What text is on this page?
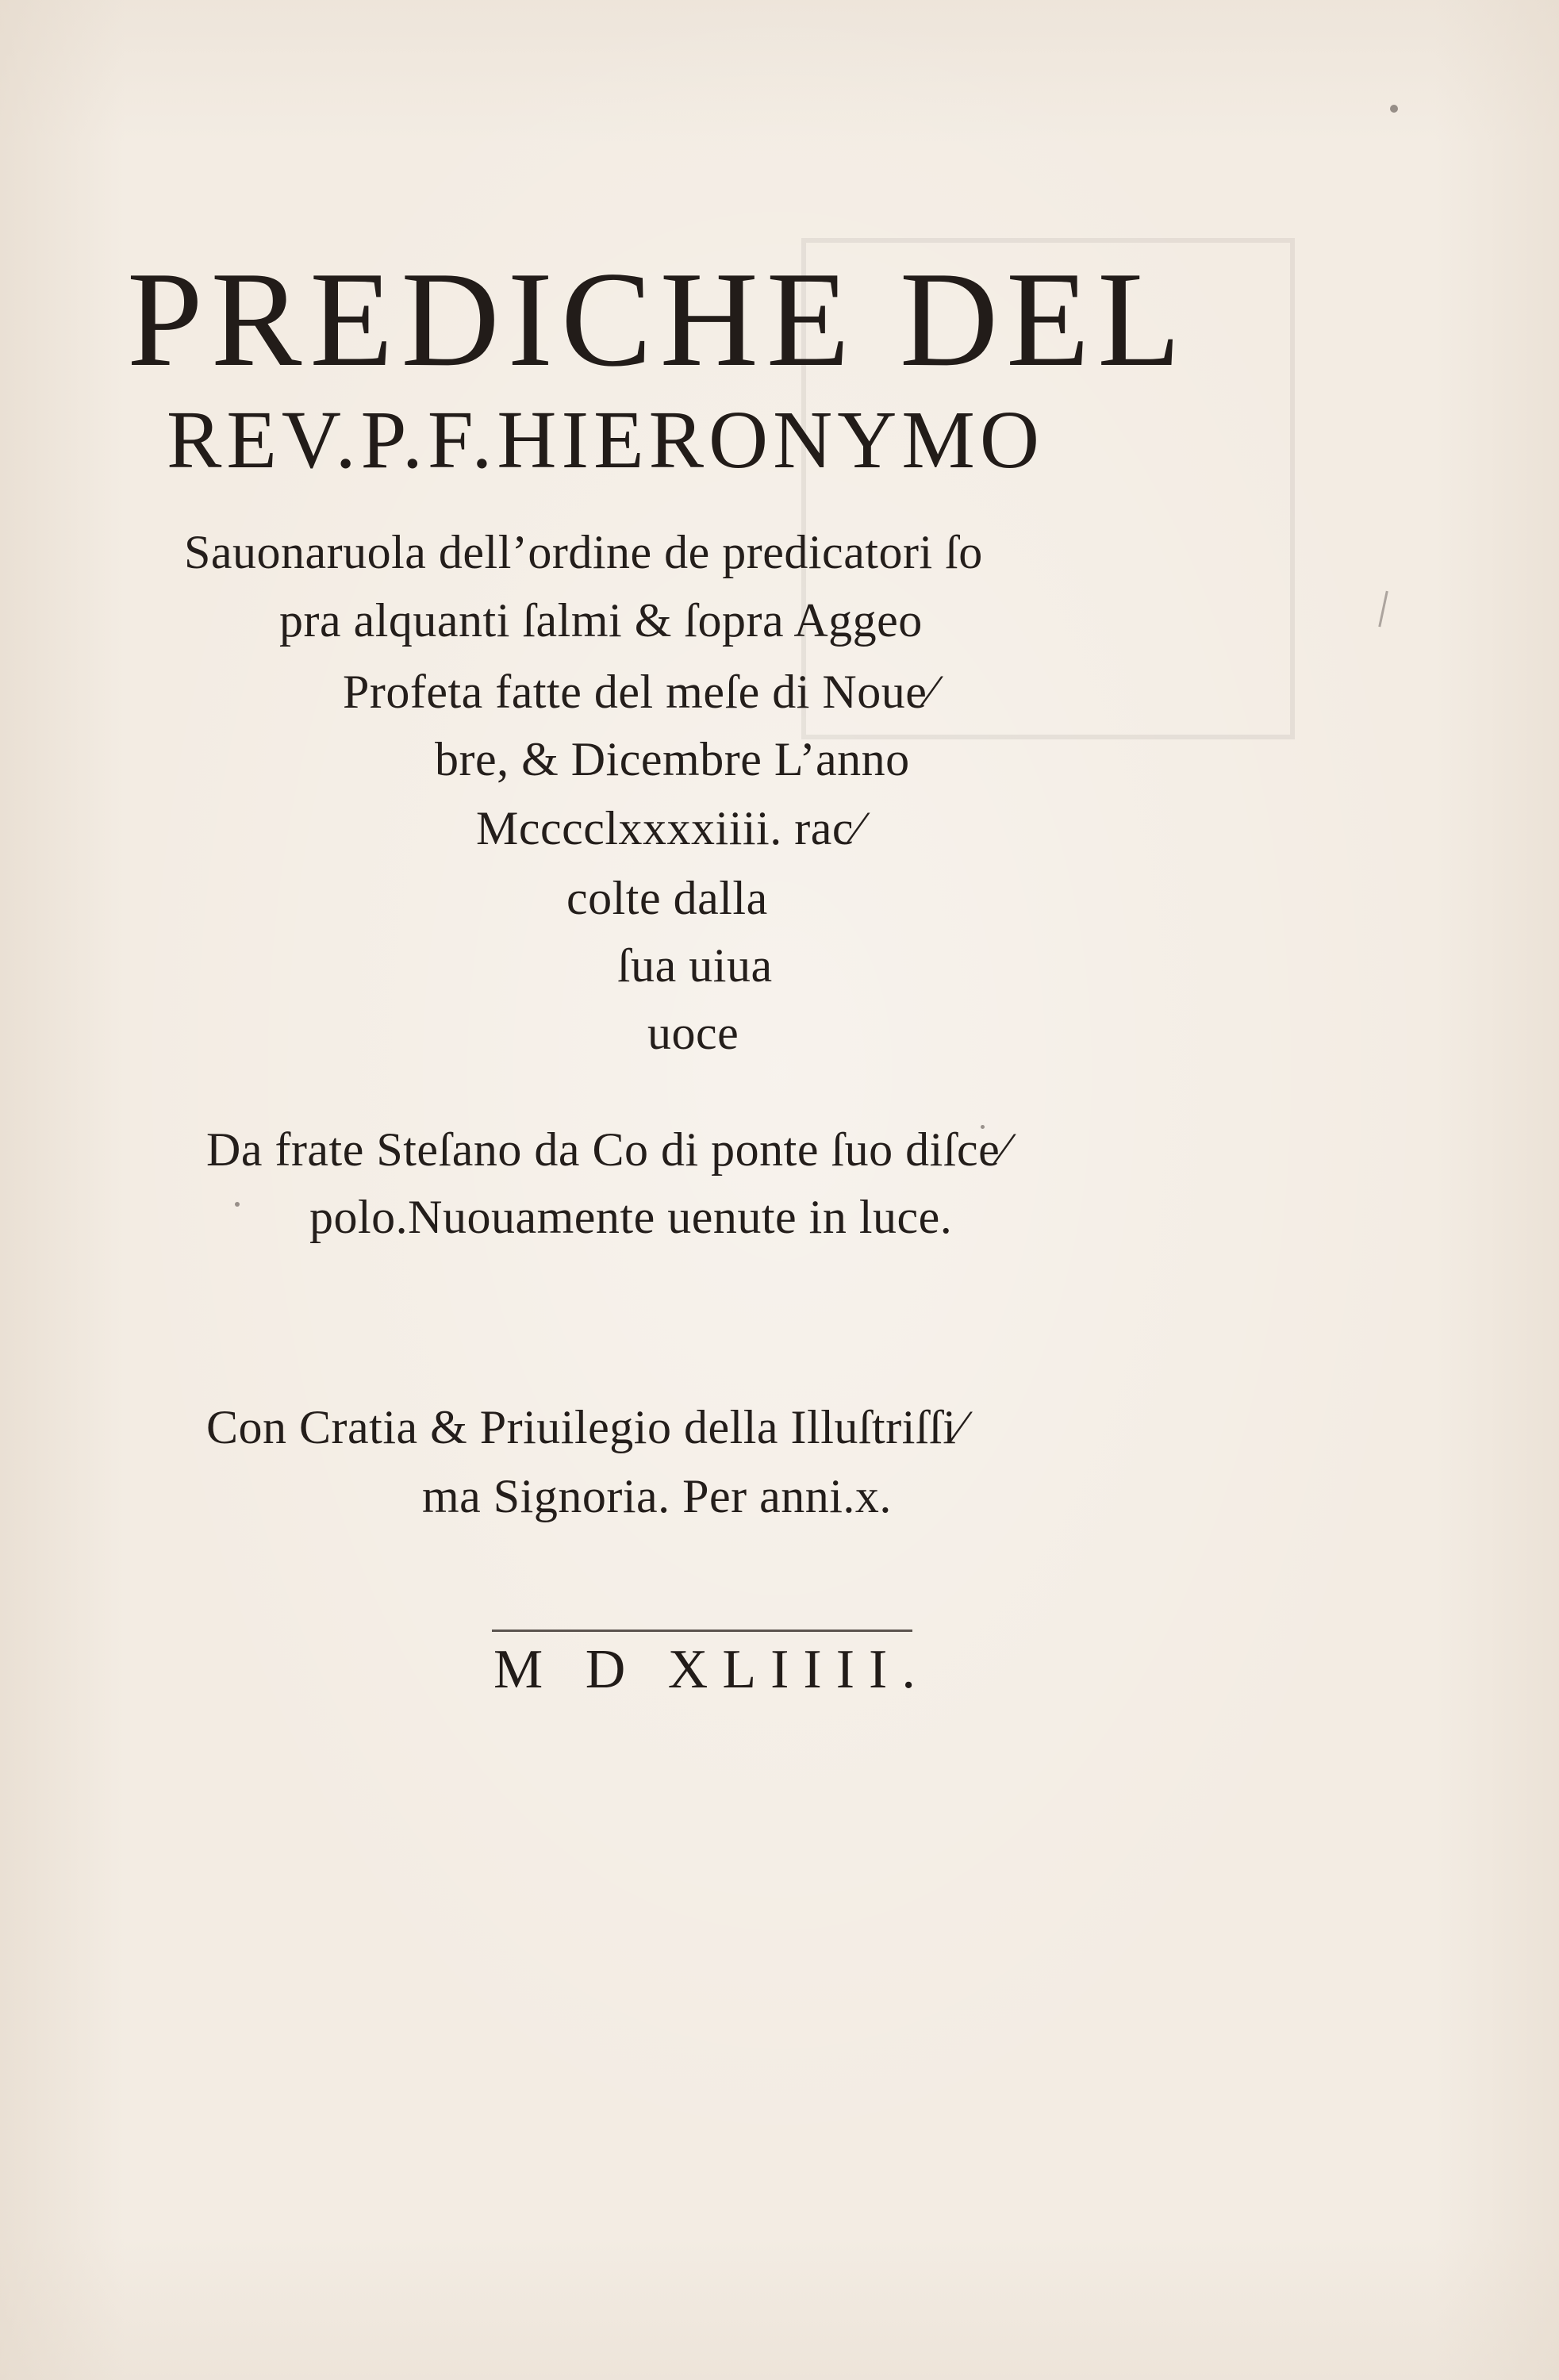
PREDICHE DEL
REV.P.F.HIERONYMO
Sauonaruola dell’ordine de predicatori ſo
pra alquanti ſalmi & ſopra Aggeo
Profeta fatte del meſe di Noue⁄
bre, & Dicembre L’anno
Mcccclxxxxiiii. rac⁄
colte dalla
ſua uiua
uoce
Da frate Steſano da Co di ponte ſuo diſce⁄
polo.Nuouamente uenute in luce.
Con Cratia & Priuilegio della Illuſtriſſi⁄
ma Signoria. Per anni.x.
M D XLIIII.
